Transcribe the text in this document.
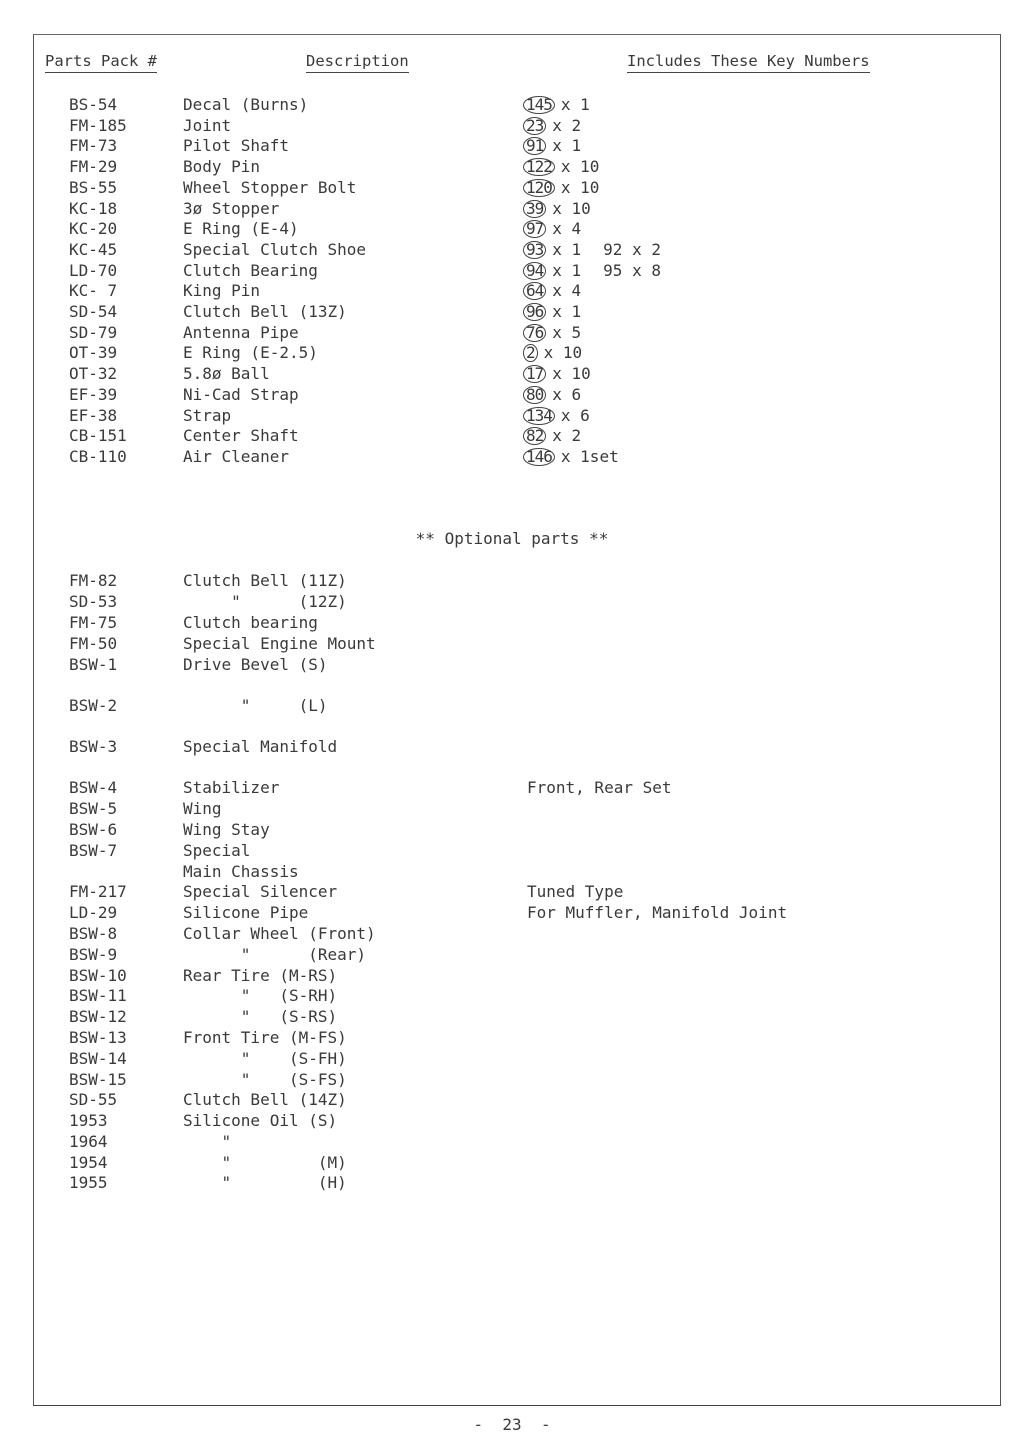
Parts Pack #	Description	Includes These Key Numbers
BS-54	Decal (Burns)	145 x 1
FM-185	Joint	23 x 2
FM-73	Pilot Shaft	91 x 1
FM-29	Body Pin	122 x 10
BS-55	Wheel Stopper Bolt	120 x 10
KC-18	3ø Stopper	39 x 10
KC-20	E Ring (E-4)	97 x 4
KC-45	Special Clutch Shoe	93 x 1 92 x 2
LD-70	Clutch Bearing	94 x 1 95 x 8
KC- 7	King Pin	64 x 4
SD-54	Clutch Bell (13Z)	96 x 1
SD-79	Antenna Pipe	76 x 5
OT-39	E Ring (E-2.5)	2 x 10
OT-32	5.8ø Ball	17 x 10
EF-39	Ni-Cad Strap	80 x 6
EF-38	Strap	134 x 6
CB-151	Center Shaft	82 x 2
CB-110	Air Cleaner	146 x 1set
** Optional parts **
FM-82	Clutch Bell (11Z)
SD-53	"      (12Z)
FM-75	Clutch bearing
FM-50	Special Engine Mount
BSW-1	Drive Bevel (S)
BSW-2	"     (L)
BSW-3	Special Manifold
BSW-4	Stabilizer	Front, Rear Set
BSW-5	Wing
BSW-6	Wing Stay
BSW-7	Special
Main Chassis
FM-217	Special Silencer	Tuned Type
LD-29	Silicone Pipe	For Muffler, Manifold Joint
BSW-8	Collar Wheel (Front)
BSW-9	"      (Rear)
BSW-10	Rear Tire (M-RS)
BSW-11	"   (S-RH)
BSW-12	"   (S-RS)
BSW-13	Front Tire (M-FS)
BSW-14	"    (S-FH)
BSW-15	"    (S-FS)
SD-55	Clutch Bell (14Z)
1953	Silicone Oil (S)
1964	"
1954	"         (M)
1955	"         (H)
-  23  -
